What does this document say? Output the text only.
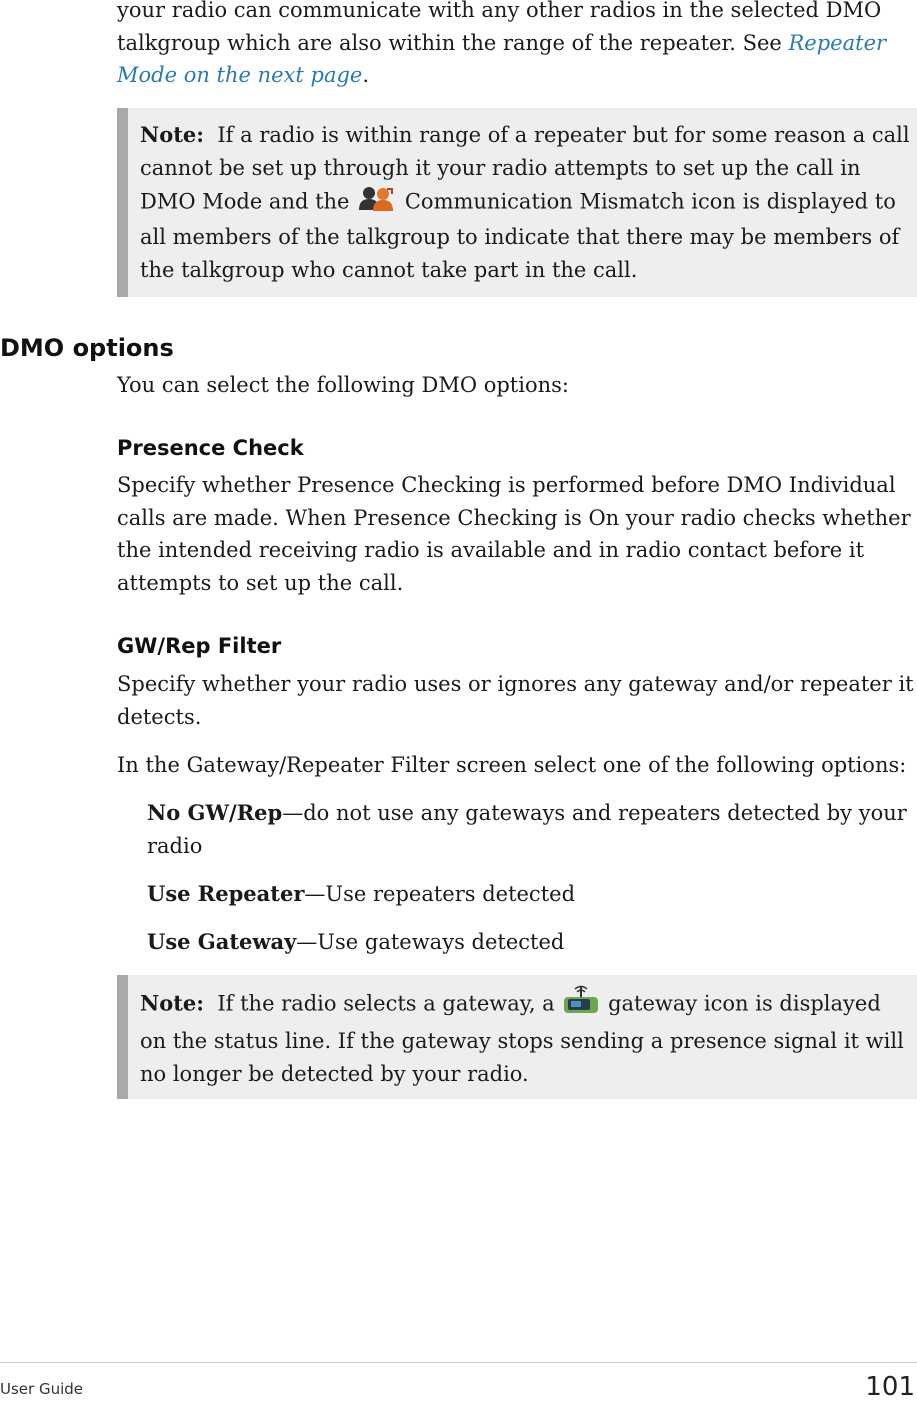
your radio can communicate with any other radios in the selected DMO talkgroup which are also within the range of the repeater. See Repeater Mode on the next page.
Note: If a radio is within range of a repeater but for some reason a call cannot be set up through it your radio attempts to set up the call in DMO Mode and the	Communication Mismatch icon is displayed to all members of the talkgroup to indicate that there may be members of the talkgroup who cannot take part in the call.
DMO options
You can select the following DMO options:
Presence Check
Specify whether Presence Checking is performed before DMO Individual calls are made. When Presence Checking is On your radio checks whether the intended receiving radio is available and in radio contact before it attempts to set up the call.
GW/Rep Filter
Specify whether your radio uses or ignores any gateway and/or repeater it detects.
In the Gateway/Repeater Filter screen select one of the following options:
No GW/Rep—do not use any gateways and repeaters detected by your radio
Use Repeater—Use repeaters detected
Use Gateway—Use gateways detected
Note: If the radio selects a gateway, a	gateway icon is displayed on the status line. If the gateway stops sending a presence signal it will no longer be detected by your radio.
User Guide	101
